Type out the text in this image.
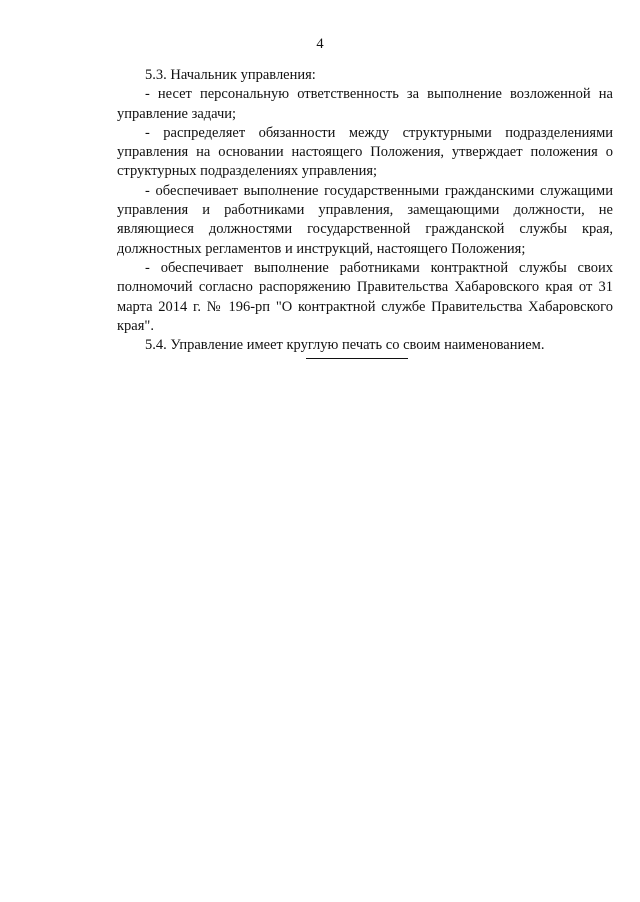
4

5.3. Начальник управления:

- несет персональную ответственность за выполнение возложенной на управление задачи;

- распределяет обязанности между структурными подразделениями управления на основании настоящего Положения, утверждает положения о структурных подразделениях управления;

- обеспечивает выполнение государственными гражданскими служащими управления и работниками управления, замещающими должности, не являющиеся должностями государственной гражданской службы края, должностных регламентов и инструкций, настоящего Положения;

- обеспечивает выполнение работниками контрактной службы своих полномочий согласно распоряжению Правительства Хабаровского края от 31 марта 2014 г. № 196-рп "О контрактной службе Правительства Хабаровского края".

5.4. Управление имеет круглую печать со своим наименованием.
